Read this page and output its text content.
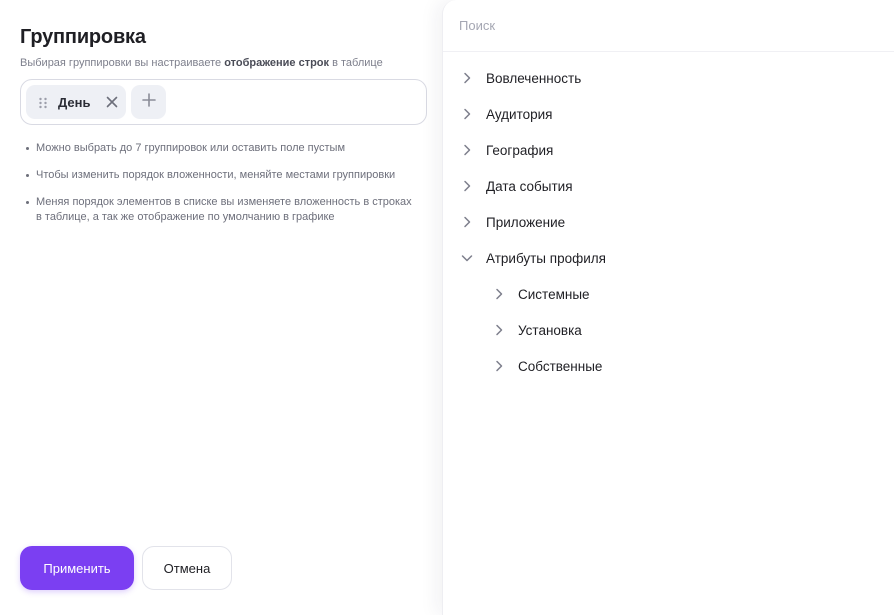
Группировка
Выбирая группировки вы настраиваете отображение строк в таблице
День
Можно выбрать до 7 группировок или оставить поле пустым
Чтобы изменить порядок вложенности, меняйте местами группировки
Меняя порядок элементов в списке вы изменяете вложенность в строках в таблице, а так же отображение по умолчанию в графике
Применить	Отмена
Поиск
Вовлеченность
Аудитория
География
Дата события
Приложение
Атрибуты профиля
Системные
Установка
Собственные
